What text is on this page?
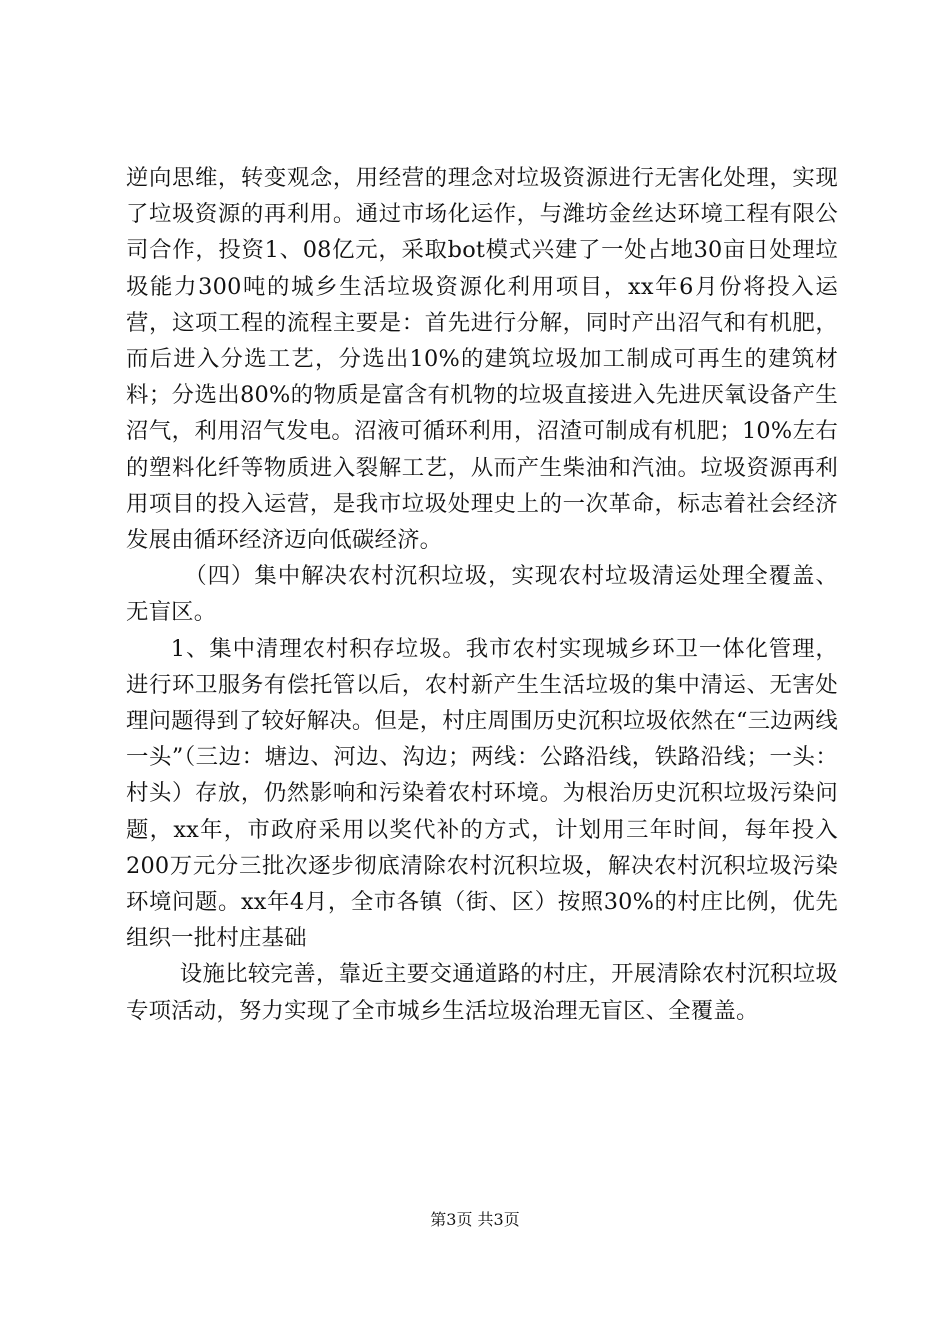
逆向思维，转变观念，用经营的理念对垃圾资源进行无害化处理，实现了垃圾资源的再利用。通过市场化运作，与潍坊金丝达环境工程有限公司合作，投资1、08亿元，采取bot模式兴建了一处占地30亩日处理垃圾能力300吨的城乡生活垃圾资源化利用项目，xx年6月份将投入运营，这项工程的流程主要是：首先进行分解，同时产出沼气和有机肥，而后进入分选工艺，分选出10%的建筑垃圾加工制成可再生的建筑材料；分选出80%的物质是富含有机物的垃圾直接进入先进厌氧设备产生沼气，利用沼气发电。沼液可循环利用，沼渣可制成有机肥；10%左右的塑料化纤等物质进入裂解工艺，从而产生柴油和汽油。垃圾资源再利用项目的投入运营，是我市垃圾处理史上的一次革命，标志着社会经济发展由循环经济迈向低碳经济。

（四）集中解决农村沉积垃圾，实现农村垃圾清运处理全覆盖、无盲区。

1、集中清理农村积存垃圾。我市农村实现城乡环卫一体化管理，进行环卫服务有偿托管以后，农村新产生生活垃圾的集中清运、无害处理问题得到了较好解决。但是，村庄周围历史沉积垃圾依然在“三边两线一头”（三边：塘边、河边、沟边；两线：公路沿线，铁路沿线；一头：村头）存放，仍然影响和污染着农村环境。为根治历史沉积垃圾污染问题，xx年，市政府采用以奖代补的方式，计划用三年时间，每年投入200万元分三批次逐步彻底清除农村沉积垃圾，解决农村沉积垃圾污染环境问题。xx年4月，全市各镇（街、区）按照30%的村庄比例，优先组织一批村庄基础

设施比较完善，靠近主要交通道路的村庄，开展清除农村沉积垃圾专项活动，努力实现了全市城乡生活垃圾治理无盲区、全覆盖。

第3页 共3页
